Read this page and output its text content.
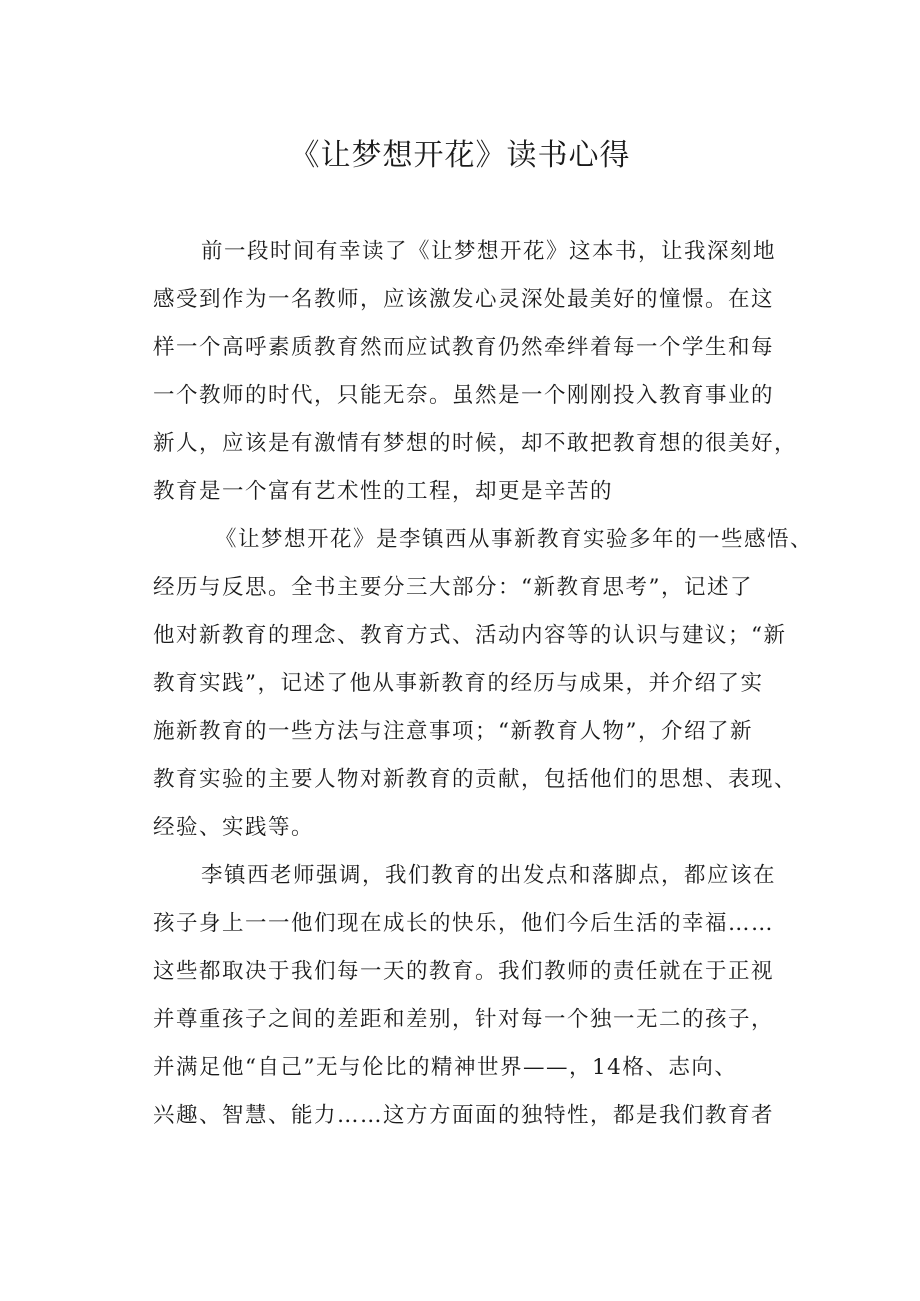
《让梦想开花》读书心得
前一段时间有幸读了《让梦想开花》这本书，让我深刻地
感受到作为一名教师，应该激发心灵深处最美好的憧憬。在这
样一个高呼素质教育然而应试教育仍然牵绊着每一个学生和每
一个教师的时代，只能无奈。虽然是一个刚刚投入教育事业的
新人，应该是有激情有梦想的时候，却不敢把教育想的很美好，
教育是一个富有艺术性的工程，却更是辛苦的
《让梦想开花》是李镇西从事新教育实验多年的一些感悟、
经历与反思。全书主要分三大部分：“新教育思考”，记述了
他对新教育的理念、教育方式、活动内容等的认识与建议；“新
教育实践”，记述了他从事新教育的经历与成果，并介绍了实
施新教育的一些方法与注意事项；“新教育人物”，介绍了新
教育实验的主要人物对新教育的贡献，包括他们的思想、表现、
经验、实践等。
李镇西老师强调，我们教育的出发点和落脚点，都应该在
孩子身上一一他们现在成长的快乐，他们今后生活的幸福……
这些都取决于我们每一天的教育。我们教师的责任就在于正视
并尊重孩子之间的差距和差别，针对每一个独一无二的孩子，
并满足他“自己”无与伦比的精神世界——，14格、志向、
兴趣、智慧、能力……这方方面面的独特性，都是我们教育者
